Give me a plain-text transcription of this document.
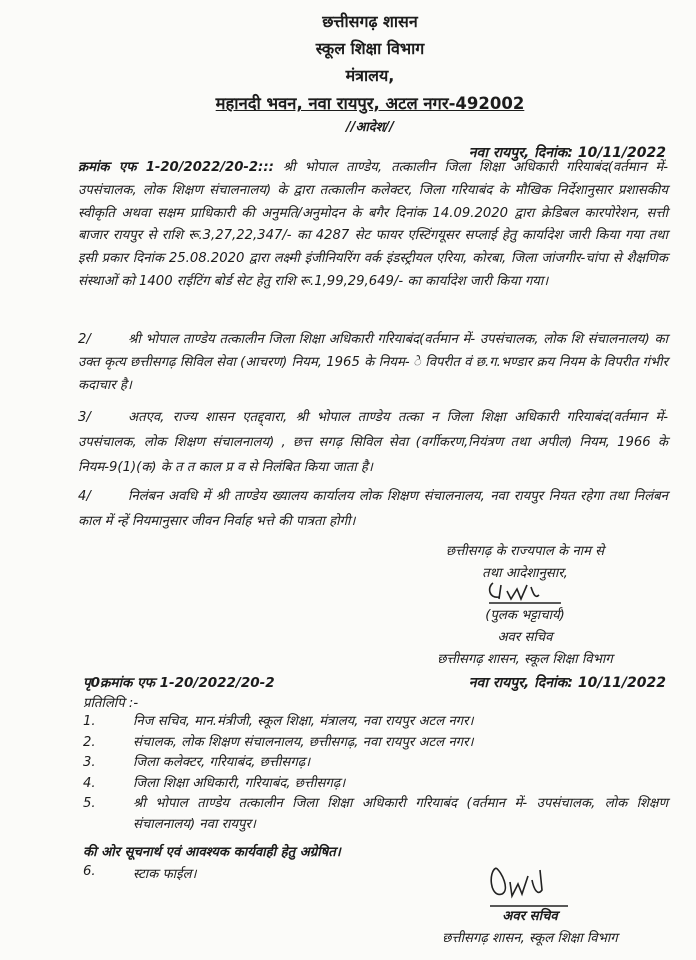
छत्तीसगढ़ शासन
स्कूल शिक्षा विभाग
मंत्रालय,
महानदी भवन, नवा रायपुर, अटल नगर-492002
//आदेश//
नवा रायपुर, दिनांक: 10/11/2022
क्रमांक एफ 1-20/2022/20-2::: श्री भोपाल ताण्डेय, तत्कालीन जिला शिक्षा अधिकारी गरियाबंद(वर्तमान में- उपसंचालक, लोक शिक्षण संचालनालय) के द्वारा तत्कालीन कलेक्टर, जिला गरियाबंद के मौखिक निर्देशानुसार प्रशासकीय स्वीकृति अथवा सक्षम प्राधिकारी की अनुमति/अनुमोदन के बगैर दिनांक 14.09.2020 द्वारा क्रेडिबल कारपोरेशन, सत्ती बाजार रायपुर से राशि रू.3,27,22,347/- का 4287 सेट फायर एस्टिंगयूसर सप्लाई हेतु कार्यादेश जारी किया गया तथा इसी प्रकार दिनांक 25.08.2020 द्वारा लक्ष्मी इंजीनियरिंग वर्क इंडस्ट्रीयल एरिया, कोरबा, जिला जांजगीर-चांपा से शैक्षणिक संस्थाओं को 1400 राईटिंग बोर्ड सेट हेतु राशि रू.1,99,29,649/- का कार्यादेश जारी किया गया।
2/	श्री भोपाल ताण्डेय तत्कालीन जिला शिक्षा अधिकारी गरियाबंद(वर्तमान में- उपसंचालक, लोक शि संचालनालय) का उक्त कृत्य छत्तीसगढ़ सिविल सेवा (आचरण) नियम, 1965 के नियम- े विपरीत वं छ.ग.भण्डार क्रय नियम के विपरीत गंभीर कदाचार है।
3/	अतएव, राज्य शासन एतद्द्वारा, श्री भोपाल ताण्डेय तत्का न जिला शिक्षा अधिकारी गरियाबंद(वर्तमान में- उपसंचालक, लोक शिक्षण संचालनालय) , छत्त सगढ़ सिविल सेवा (वर्गीकरण,नियंत्रण तथा अपील) नियम, 1966 के नियम-9(1)(क) के त त काल प्र व से निलंबित किया जाता है।
4/	निलंबन अवधि में श्री ताण्डेय ख्यालय कार्यालय लोक शिक्षण संचालनालय, नवा रायपुर नियत रहेगा तथा निलंबन काल में न्हें नियमानुसार जीवन निर्वाह भत्ते की पात्रता होगी।
छत्तीसगढ़ के राज्यपाल के नाम से
तथा आदेशानुसार,
(पुलक भट्टाचार्य)
अवर सचिव
छत्तीसगढ़ शासन, स्कूल शिक्षा विभाग
पृ0क्रमांक एफ 1-20/2022/20-2	नवा रायपुर, दिनांक: 10/11/2022
प्रतिलिपि :-
1.	निज सचिव, मान.मंत्रीजी, स्कूल शिक्षा, मंत्रालय, नवा रायपुर अटल नगर।
2.	संचालक, लोक शिक्षण संचालनालय, छत्तीसगढ़, नवा रायपुर अटल नगर।
3.	जिला कलेक्टर, गरियाबंद, छत्तीसगढ़।
4.	जिला शिक्षा अधिकारी, गरियाबंद, छत्तीसगढ़।
5.	श्री भोपाल ताण्डेय तत्कालीन जिला शिक्षा अधिकारी गरियाबंद (वर्तमान में- उपसंचालक, लोक शिक्षण संचालनालय) नवा रायपुर।
की ओर सूचनार्थ एवं आवश्यक कार्यवाही हेतु अग्रेषित।
6.	स्टाक फाईल।
अवर सचिव
छत्तीसगढ़ शासन, स्कूल शिक्षा विभाग
